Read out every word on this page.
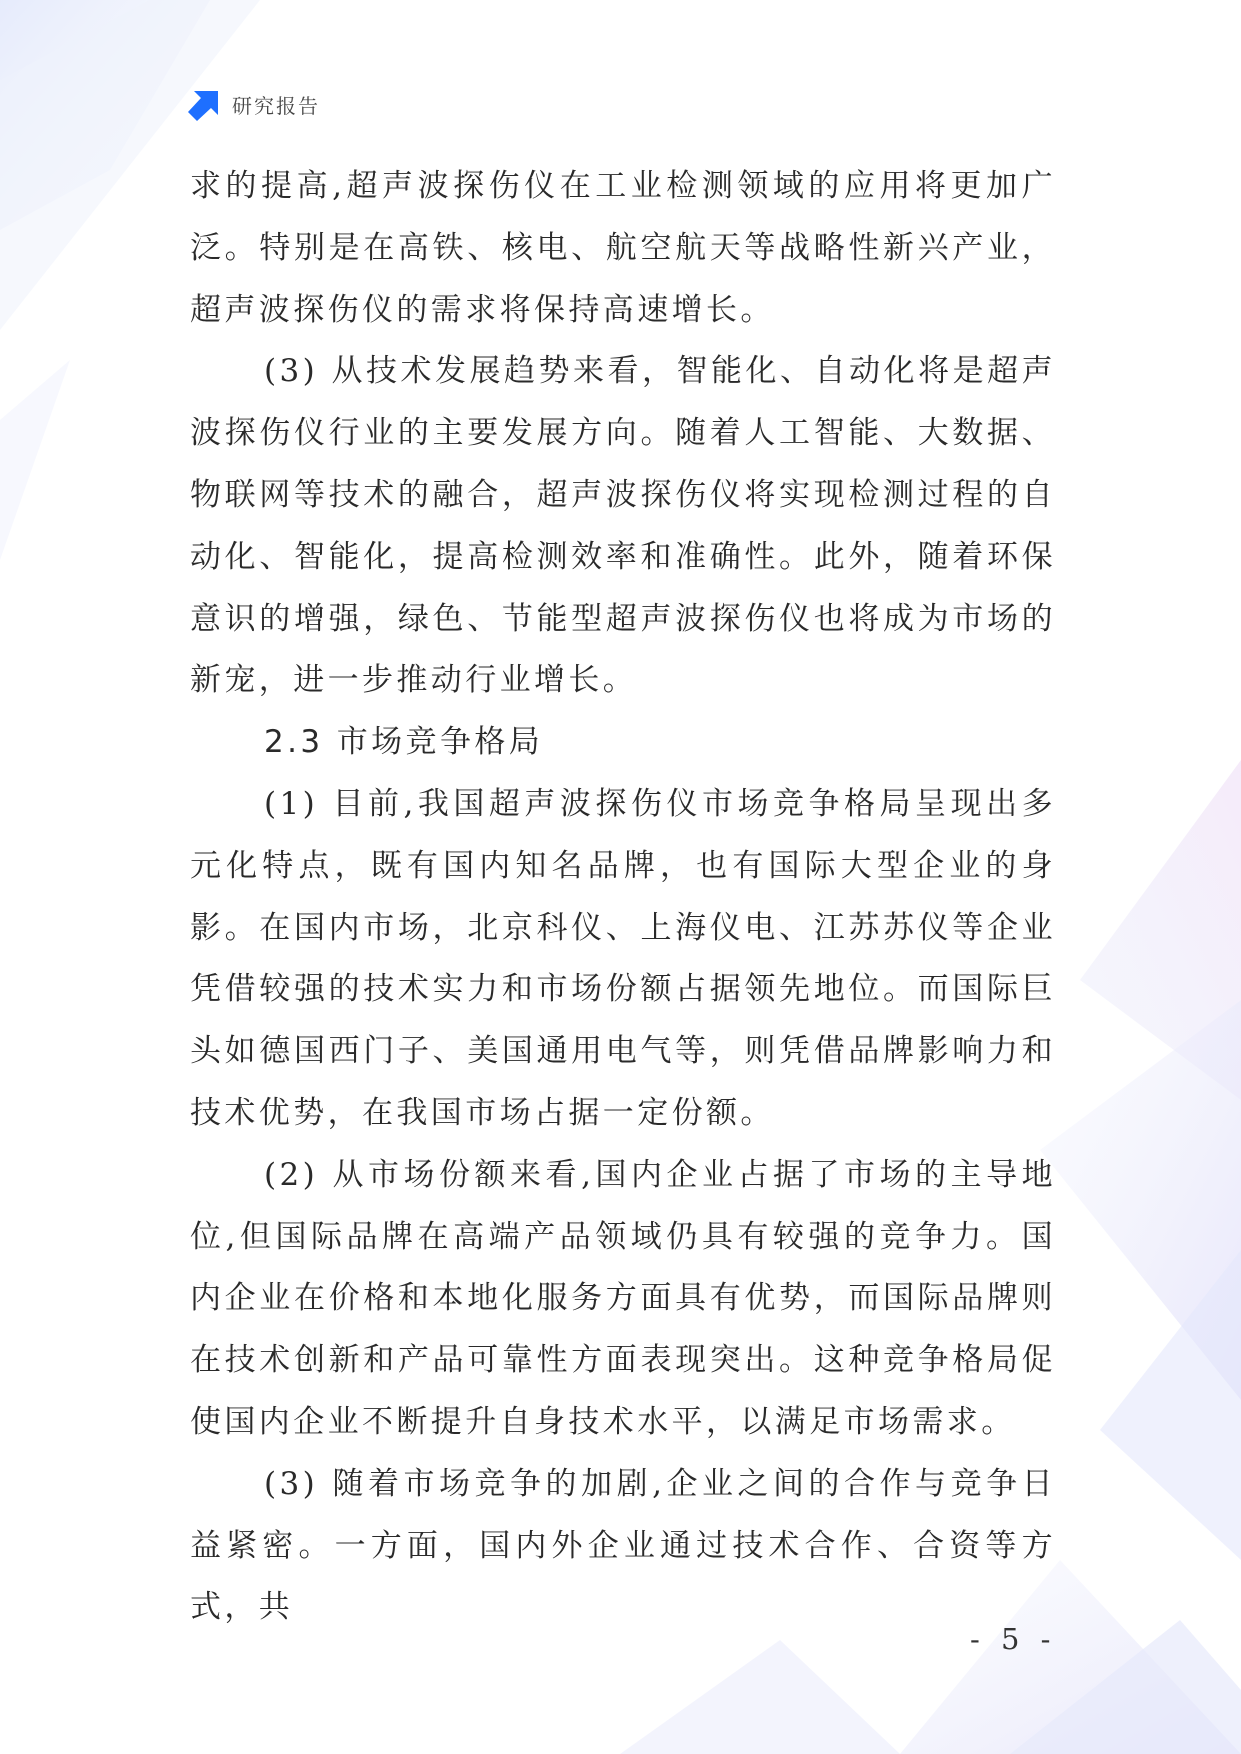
研究报告

求的提高,超声波探伤仪在工业检测领域的应用将更加广泛。特别是在高铁、核电、航空航天等战略性新兴产业，超声波探伤仪的需求将保持高速增长。

(3) 从技术发展趋势来看，智能化、自动化将是超声波探伤仪行业的主要发展方向。随着人工智能、大数据、物联网等技术的融合，超声波探伤仪将实现检测过程的自动化、智能化，提高检测效率和准确性。此外，随着环保意识的增强，绿色、节能型超声波探伤仪也将成为市场的新宠，进一步推动行业增长。

2.3 市场竞争格局

(1) 目前,我国超声波探伤仪市场竞争格局呈现出多元化特点，既有国内知名品牌，也有国际大型企业的身影。在国内市场，北京科仪、上海仪电、江苏苏仪等企业凭借较强的技术实力和市场份额占据领先地位。而国际巨头如德国西门子、美国通用电气等，则凭借品牌影响力和技术优势，在我国市场占据一定份额。

(2) 从市场份额来看,国内企业占据了市场的主导地位,但国际品牌在高端产品领域仍具有较强的竞争力。国内企业在价格和本地化服务方面具有优势，而国际品牌则在技术创新和产品可靠性方面表现突出。这种竞争格局促使国内企业不断提升自身技术水平，以满足市场需求。

(3) 随着市场竞争的加剧,企业之间的合作与竞争日益紧密。一方面，国内外企业通过技术合作、合资等方式，共

- 5 -
